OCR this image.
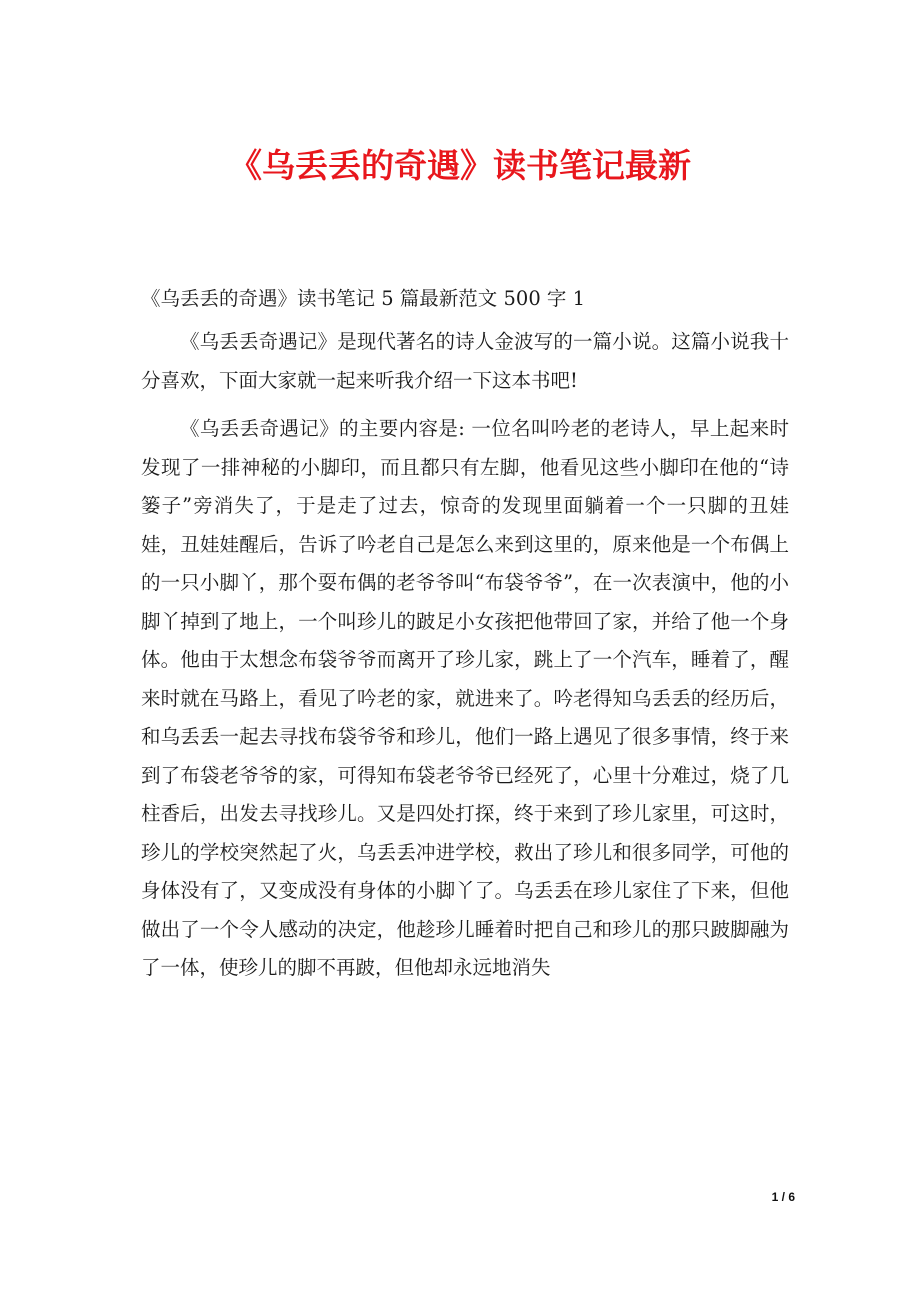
《乌丢丢的奇遇》读书笔记最新
《乌丢丢的奇遇》读书笔记 5 篇最新范文 500 字 1

《乌丢丢奇遇记》是现代著名的诗人金波写的一篇小说。这篇小说我十分喜欢，下面大家就一起来听我介绍一下这本书吧!

《乌丢丢奇遇记》的主要内容是: 一位名叫吟老的老诗人，早上起来时发现了一排神秘的小脚印，而且都只有左脚，他看见这些小脚印在他的“诗篓子”旁消失了，于是走了过去，惊奇的发现里面躺着一个一只脚的丑娃娃，丑娃娃醒后，告诉了吟老自己是怎么来到这里的，原来他是一个布偶上的一只小脚丫，那个耍布偶的老爷爷叫“布袋爷爷”，在一次表演中，他的小脚丫掉到了地上，一个叫珍儿的跛足小女孩把他带回了家，并给了他一个身体。他由于太想念布袋爷爷而离开了珍儿家，跳上了一个汽车，睡着了，醒来时就在马路上，看见了吟老的家，就进来了。吟老得知乌丢丢的经历后，和乌丢丢一起去寻找布袋爷爷和珍儿，他们一路上遇见了很多事情，终于来到了布袋老爷爷的家，可得知布袋老爷爷已经死了，心里十分难过，烧了几柱香后，出发去寻找珍儿。又是四处打探，终于来到了珍儿家里，可这时，珍儿的学校突然起了火，乌丢丢冲进学校，救出了珍儿和很多同学，可他的身体没有了，又变成没有身体的小脚丫了。乌丢丢在珍儿家住了下来，但他做出了一个令人感动的决定，他趁珍儿睡着时把自己和珍儿的那只跛脚融为了一体，使珍儿的脚不再跛，但他却永远地消失

1 / 6
